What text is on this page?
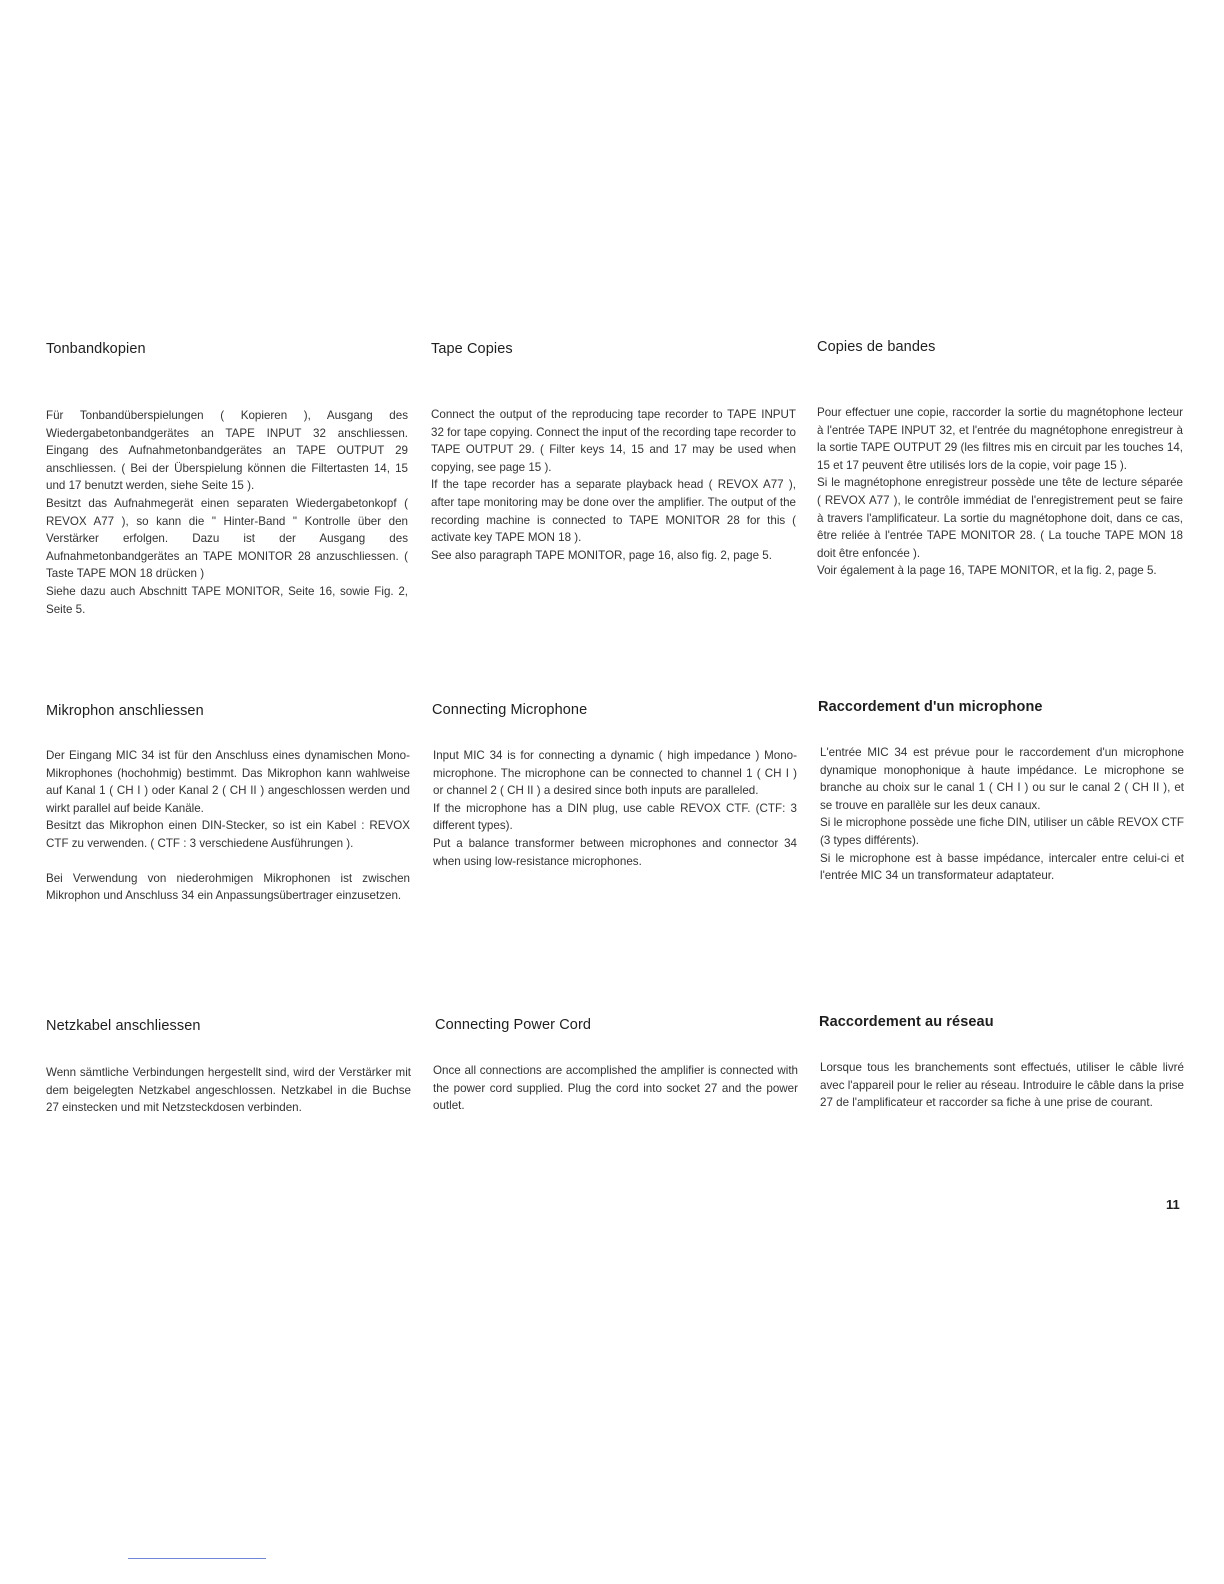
Tonbandkopien	Tape Copies	Copies de bandes

Für Tonbandüberspielungen ( Kopieren ), Ausgang des Wiedergabetonbandgerätes an TAPE INPUT 32 anschliessen. Eingang des Aufnahmetonbandgerätes an TAPE OUTPUT 29 anschliessen. ( Bei der Überspielung können die Filtertasten 14, 15 und 17 benutzt werden, siehe Seite 15 ).

Besitzt das Aufnahmegerät einen separaten Wiedergabetonkopf ( REVOX A77 ), so kann die " Hinter-Band " Kontrolle über den Verstärker erfolgen. Dazu ist der Ausgang des Aufnahmetonbandgerätes an TAPE MONITOR 28 anzuschliessen. ( Taste TAPE MON 18 drücken )

Siehe dazu auch Abschnitt TAPE MONITOR, Seite 16, sowie Fig. 2, Seite 5.

Connect the output of the reproducing tape recorder to TAPE INPUT 32 for tape copying. Connect the input of the recording tape recorder to TAPE OUTPUT 29. ( Filter keys 14, 15 and 17 may be used when copying, see page 15 ).

If the tape recorder has a separate playback head ( REVOX A77 ), after tape monitoring may be done over the amplifier. The output of the recording machine is connected to TAPE MONITOR 28 for this ( activate key TAPE MON 18 ).

See also paragraph TAPE MONITOR, page 16, also fig. 2, page 5.

Pour effectuer une copie, raccorder la sortie du magnétophone lecteur à l'entrée TAPE INPUT 32, et l'entrée du magnétophone enregistreur à la sortie TAPE OUTPUT 29 (les filtres mis en circuit par les touches 14, 15 et 17 peuvent être utilisés lors de la copie, voir page 15 ).

Si le magnétophone enregistreur possède une tête de lecture séparée ( REVOX A77 ), le contrôle immédiat de l'enregistrement peut se faire à travers l'amplificateur. La sortie du magnétophone doit, dans ce cas, être reliée à l'entrée TAPE MONITOR 28. ( La touche TAPE MON 18 doit être enfoncée ).

Voir également à la page 16, TAPE MONITOR, et la fig. 2, page 5.

Mikrophon anschliessen	Connecting Microphone	Raccordement d'un microphone

Der Eingang MIC 34 ist für den Anschluss eines dynamischen Mono-Mikrophones (hochohmig) bestimmt. Das Mikrophon kann wahlweise auf Kanal 1 ( CH I ) oder Kanal 2 ( CH II ) angeschlossen werden und wirkt parallel auf beide Kanäle.

Besitzt das Mikrophon einen DIN-Stecker, so ist ein Kabel : REVOX CTF zu verwenden. ( CTF : 3 verschiedene Ausführungen ).

Bei Verwendung von niederohmigen Mikrophonen ist zwischen Mikrophon und Anschluss 34 ein Anpassungsübertrager einzusetzen.

Input MIC 34 is for connecting a dynamic ( high impedance ) Mono-microphone. The microphone can be connected to channel 1 ( CH I ) or channel 2 ( CH II ) a desired since both inputs are paralleled.

If the microphone has a DIN plug, use cable REVOX CTF. (CTF: 3 different types).

Put a balance transformer between microphones and connector 34 when using low-resistance microphones.

L'entrée MIC 34 est prévue pour le raccordement d'un microphone dynamique monophonique à haute impédance. Le microphone se branche au choix sur le canal 1 ( CH I ) ou sur le canal 2 ( CH II ), et se trouve en parallèle sur les deux canaux.

Si le microphone possède une fiche DIN, utiliser un câble REVOX CTF (3 types différents).

Si le microphone est à basse impédance, intercaler entre celui-ci et l'entrée MIC 34 un transformateur adaptateur.

Netzkabel anschliessen	Connecting Power Cord	Raccordement au réseau

Wenn sämtliche Verbindungen hergestellt sind, wird der Verstärker mit dem beigelegten Netzkabel angeschlossen. Netzkabel in die Buchse 27 einstecken und mit Netzsteckdosen verbinden.

Once all connections are accomplished the amplifier is connected with the power cord supplied. Plug the cord into socket 27 and the power outlet.

Lorsque tous les branchements sont effectués, utiliser le câble livré avec l'appareil pour le relier au réseau. Introduire le câble dans la prise 27 de l'amplificateur et raccorder sa fiche à une prise de courant.

11
